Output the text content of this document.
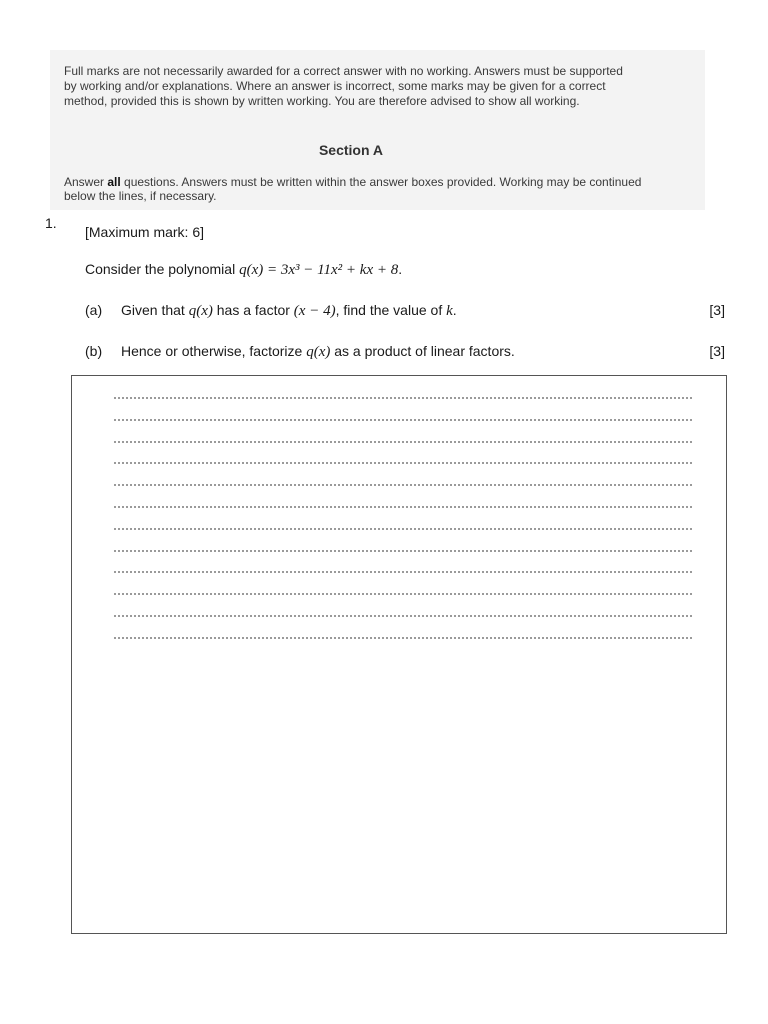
Full marks are not necessarily awarded for a correct answer with no working. Answers must be supported by working and/or explanations. Where an answer is incorrect, some marks may be given for a correct method, provided this is shown by written working. You are therefore advised to show all working.
Section A
Answer all questions. Answers must be written within the answer boxes provided. Working may be continued below the lines, if necessary.
1.
[Maximum mark: 6]
Consider the polynomial q(x) = 3x³ − 11x² + kx + 8.
(a) Given that q(x) has a factor (x − 4), find the value of k.	[3]
(b) Hence or otherwise, factorize q(x) as a product of linear factors.	[3]
